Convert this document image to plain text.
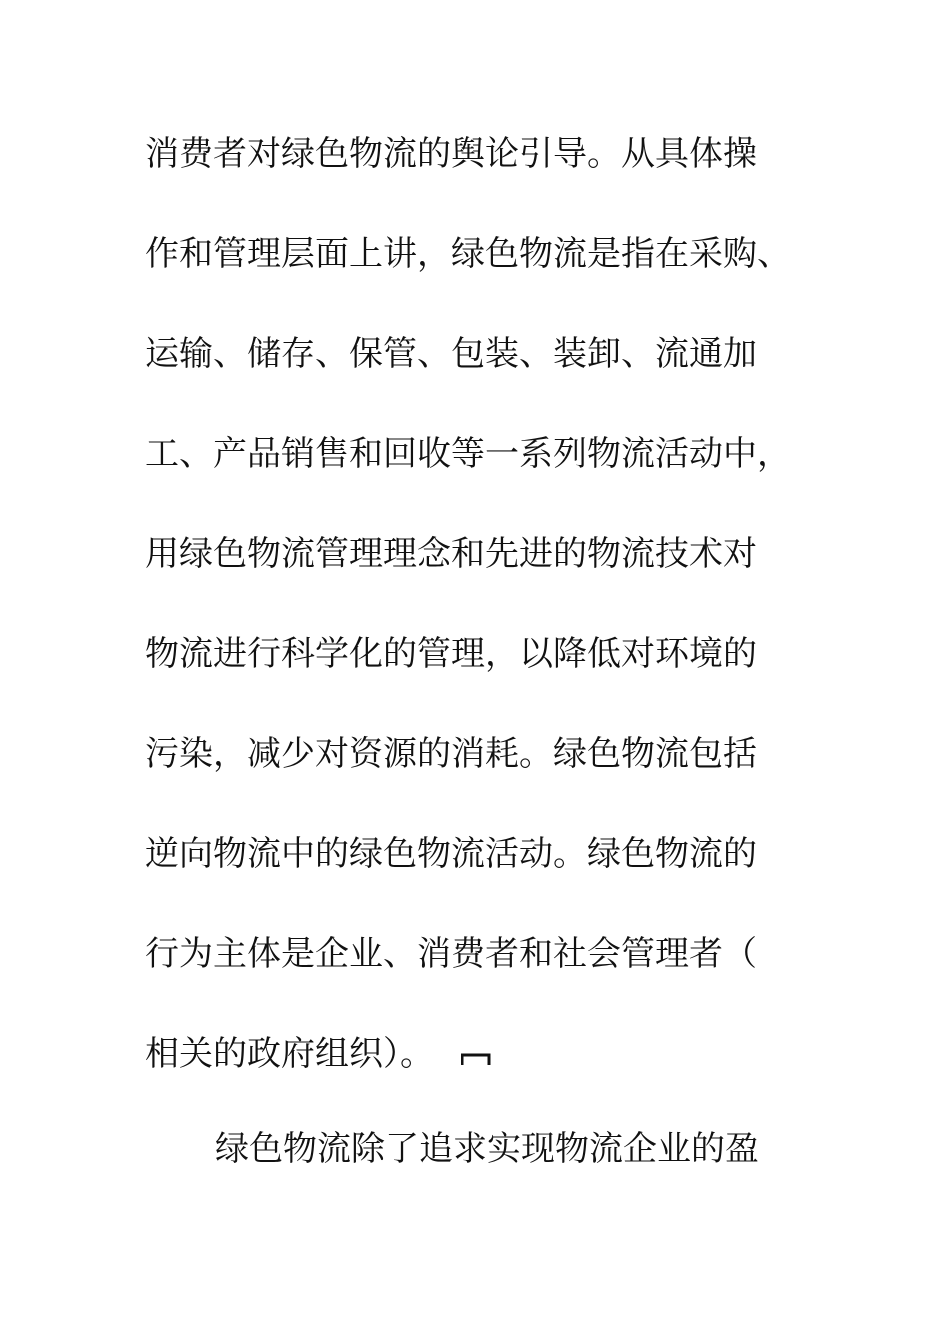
消费者对绿色物流的舆论引导。从具体操
作和管理层面上讲，绿色物流是指在采购、
运输、储存、保管、包装、装卸、流通加
工、产品销售和回收等一系列物流活动中，
用绿色物流管理理念和先进的物流技术对
物流进行科学化的管理，以降低对环境的
污染，减少对资源的消耗。绿色物流包括
逆向物流中的绿色物流活动。绿色物流的
行为主体是企业、消费者和社会管理者（
相关的政府组织）。
绿色物流除了追求实现物流企业的盈
